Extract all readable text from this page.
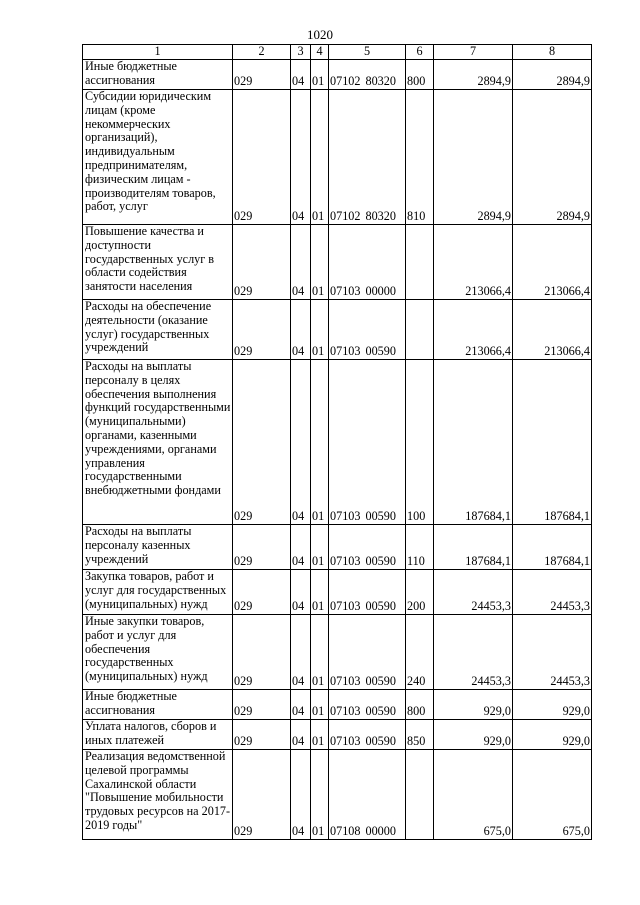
1020
1	2	3	4	5	6	7	8
Иные бюджетные ассигнования	029	04	01	07102 80320	800	2894,9	2894,9
Субсидии юридическим лицам (кроме некоммерческих организаций), индивидуальным предпринимателям, физическим лицам - производителям товаров, работ, услуг	029	04	01	07102 80320	810	2894,9	2894,9
Повышение качества и доступности государственных услуг в области содействия занятости населения	029	04	01	07103 00000		213066,4	213066,4
Расходы на обеспечение деятельности (оказание услуг) государственных учреждений	029	04	01	07103 00590		213066,4	213066,4
Расходы на выплаты персоналу в целях обеспечения выполнения функций государственными (муниципальными) органами, казенными учреждениями, органами управления государственными внебюджетными фондами	029	04	01	07103 00590	100	187684,1	187684,1
Расходы на выплаты персоналу казенных учреждений	029	04	01	07103 00590	110	187684,1	187684,1
Закупка товаров, работ и услуг для государственных (муниципальных) нужд	029	04	01	07103 00590	200	24453,3	24453,3
Иные закупки товаров, работ и услуг для обеспечения государственных (муниципальных) нужд	029	04	01	07103 00590	240	24453,3	24453,3
Иные бюджетные ассигнования	029	04	01	07103 00590	800	929,0	929,0
Уплата налогов, сборов и иных платежей	029	04	01	07103 00590	850	929,0	929,0
Реализация ведомственной целевой программы Сахалинской области "Повышение мобильности трудовых ресурсов на 2017-2019 годы"	029	04	01	07108 00000		675,0	675,0
